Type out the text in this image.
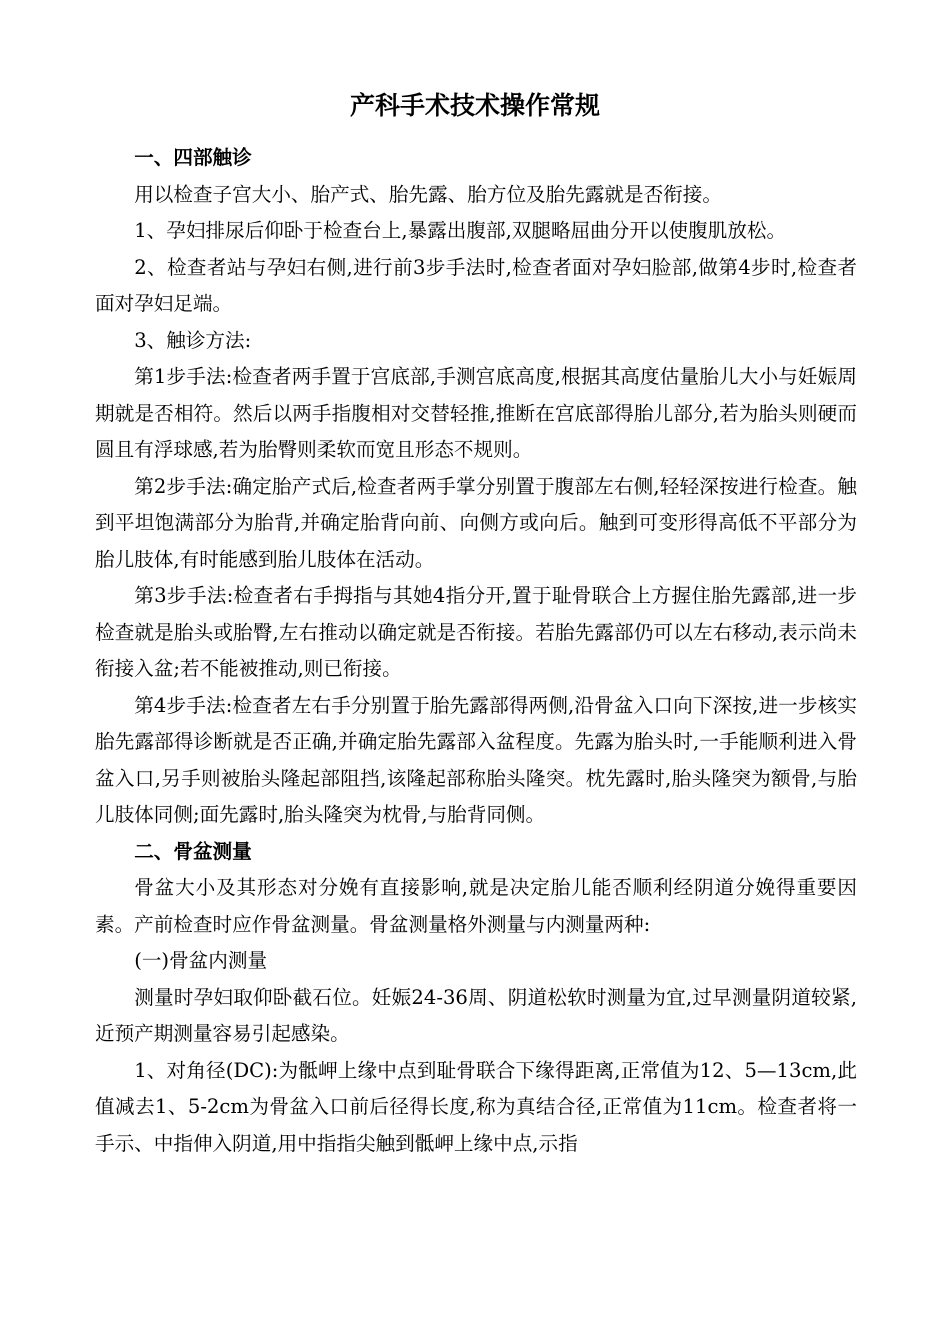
产科手术技术操作常规

一、四部触诊

用以检查子宫大小、胎产式、胎先露、胎方位及胎先露就是否衔接。

1、孕妇排尿后仰卧于检查台上,暴露出腹部,双腿略屈曲分开以使腹肌放松。

2、检查者站与孕妇右侧,进行前3步手法时,检查者面对孕妇脸部,做第4步时,检查者面对孕妇足端。

3、触诊方法:

第1步手法:检查者两手置于宫底部,手测宫底高度,根据其高度估量胎儿大小与妊娠周期就是否相符。然后以两手指腹相对交替轻推,推断在宫底部得胎儿部分,若为胎头则硬而圆且有浮球感,若为胎臀则柔软而宽且形态不规则。

第2步手法:确定胎产式后,检查者两手掌分别置于腹部左右侧,轻轻深按进行检查。触到平坦饱满部分为胎背,并确定胎背向前、向侧方或向后。触到可变形得高低不平部分为胎儿肢体,有时能感到胎儿肢体在活动。

第3步手法:检查者右手拇指与其她4指分开,置于耻骨联合上方握住胎先露部,进一步检查就是胎头或胎臀,左右推动以确定就是否衔接。若胎先露部仍可以左右移动,表示尚未衔接入盆;若不能被推动,则已衔接。

第4步手法:检查者左右手分别置于胎先露部得两侧,沿骨盆入口向下深按,进一步核实胎先露部得诊断就是否正确,并确定胎先露部入盆程度。先露为胎头时,一手能顺利进入骨盆入口,另手则被胎头隆起部阻挡,该隆起部称胎头隆突。枕先露时,胎头隆突为额骨,与胎儿肢体同侧;面先露时,胎头隆突为枕骨,与胎背同侧。

二、骨盆测量

骨盆大小及其形态对分娩有直接影响,就是决定胎儿能否顺利经阴道分娩得重要因素。产前检查时应作骨盆测量。骨盆测量格外测量与内测量两种:

(一)骨盆内测量

测量时孕妇取仰卧截石位。妊娠24-36周、阴道松软时测量为宜,过早测量阴道较紧,近预产期测量容易引起感染。

1、对角径(DC):为骶岬上缘中点到耻骨联合下缘得距离,正常值为12、5—13cm,此值减去1、5-2cm为骨盆入口前后径得长度,称为真结合径,正常值为11cm。检查者将一手示、中指伸入阴道,用中指指尖触到骶岬上缘中点,示指
